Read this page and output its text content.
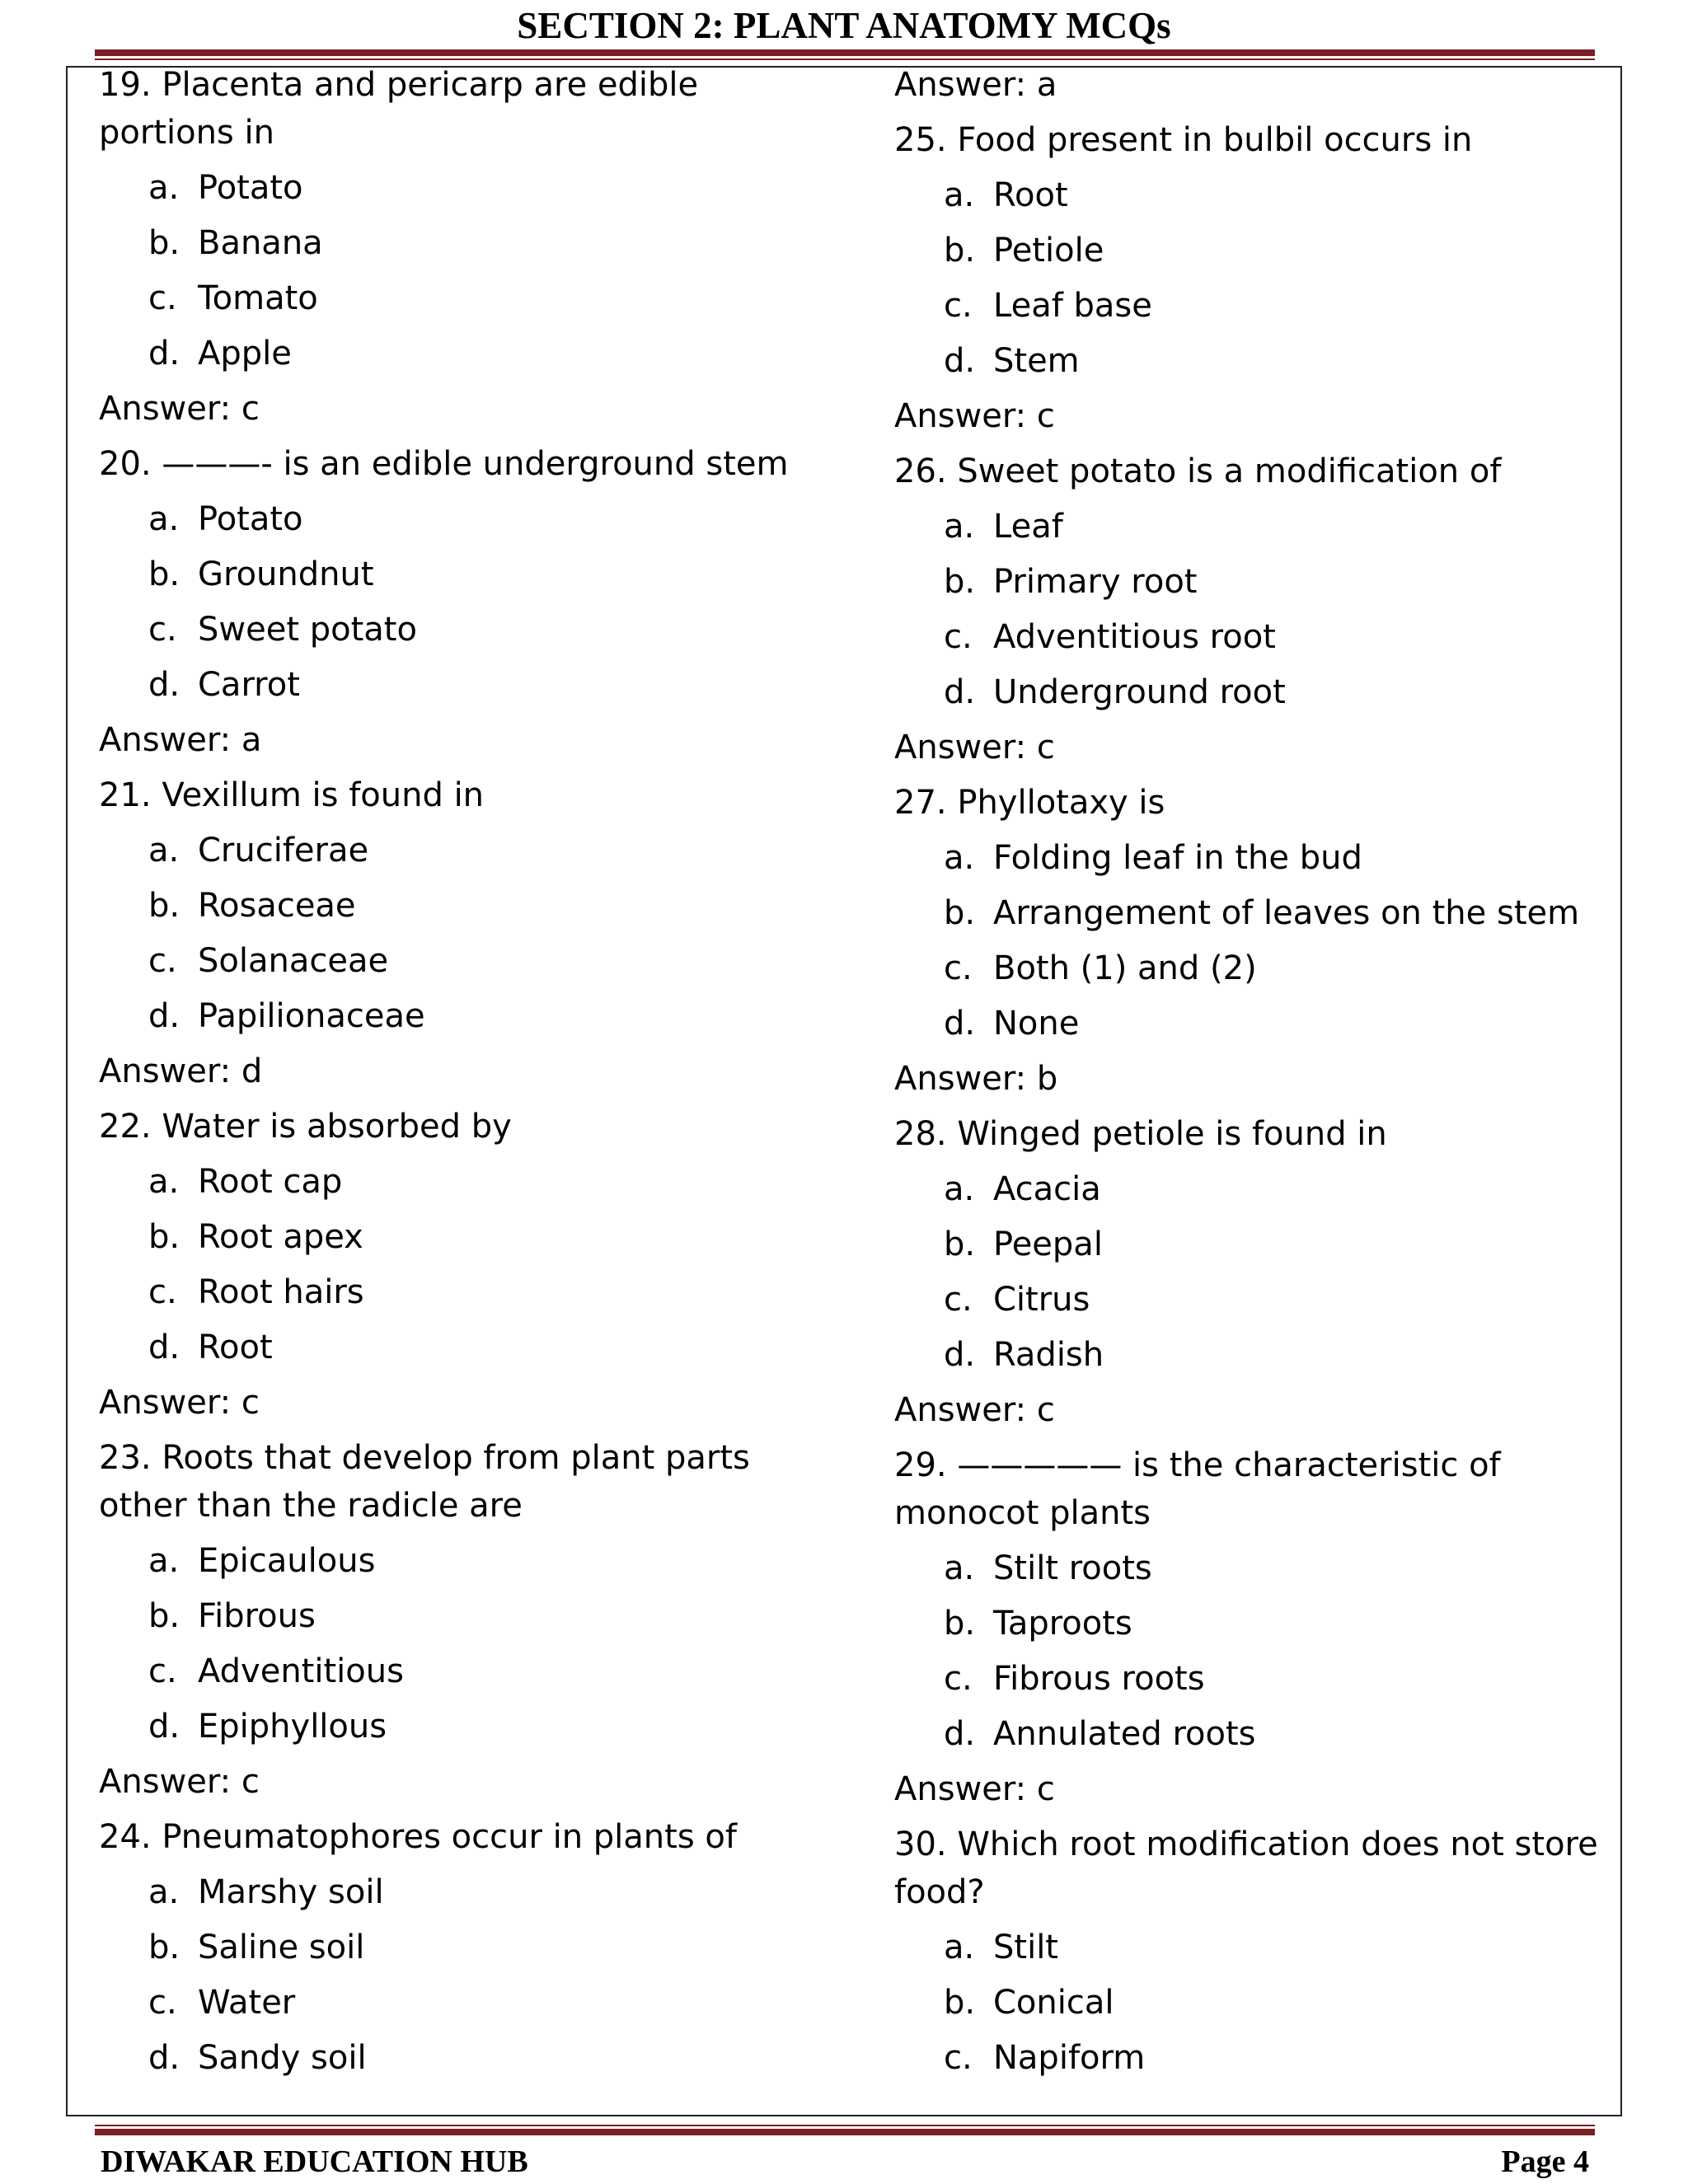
SECTION 2: PLANT ANATOMY MCQs
19. Placenta and pericarp are edible
portions in
a. Potato
b. Banana
c. Tomato
d. Apple
Answer: c
20. ———- is an edible underground stem
a. Potato
b. Groundnut
c. Sweet potato
d. Carrot
Answer: a
21. Vexillum is found in
a. Cruciferae
b. Rosaceae
c. Solanaceae
d. Papilionaceae
Answer: d
22. Water is absorbed by
a. Root cap
b. Root apex
c. Root hairs
d. Root
Answer: c
23. Roots that develop from plant parts
other than the radicle are
a. Epicaulous
b. Fibrous
c. Adventitious
d. Epiphyllous
Answer: c
24. Pneumatophores occur in plants of
a. Marshy soil
b. Saline soil
c. Water
d. Sandy soil
Answer: a
25. Food present in bulbil occurs in
a. Root
b. Petiole
c. Leaf base
d. Stem
Answer: c
26. Sweet potato is a modification of
a. Leaf
b. Primary root
c. Adventitious root
d. Underground root
Answer: c
27. Phyllotaxy is
a. Folding leaf in the bud
b. Arrangement of leaves on the stem
c. Both (1) and (2)
d. None
Answer: b
28. Winged petiole is found in
a. Acacia
b. Peepal
c. Citrus
d. Radish
Answer: c
29. ————— is the characteristic of
monocot plants
a. Stilt roots
b. Taproots
c. Fibrous roots
d. Annulated roots
Answer: c
30. Which root modification does not store
food?
a. Stilt
b. Conical
c. Napiform
DIWAKAR EDUCATION HUB	Page 4
